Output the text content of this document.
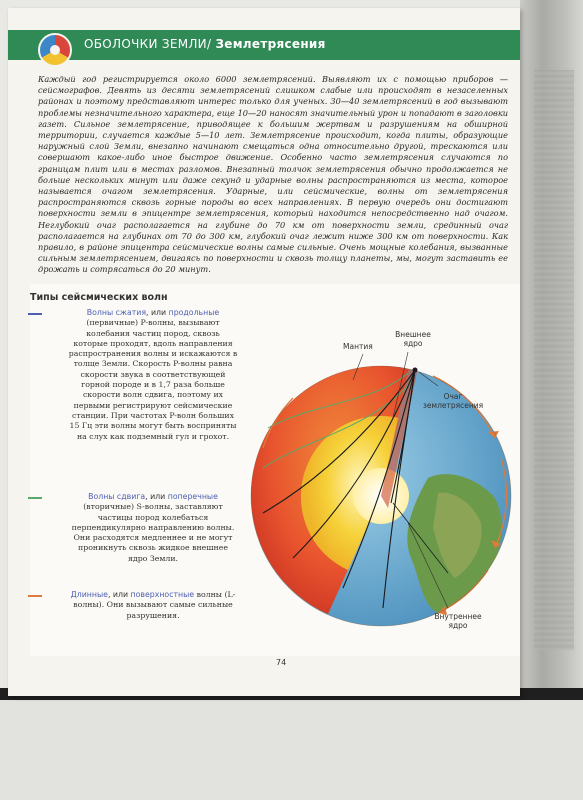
ОБОЛОЧКИ ЗЕМЛИ/ Землетрясения
Каждый год регистрируется около 6000 землетрясений. Выявляют их с помощью приборов — сейсмографов. Девять из десяти землетрясений слишком слабые или происходят в незаселенных районах и поэтому представляют интерес только для ученых. 30—40 землетрясений в год вызывают проблемы незначительного характера, еще 10—20 наносят значительный урон и попадают в заголовки газет. Сильное землетрясение, приводящее к большим жертвам и разрушениям на обширной территории, случается каждые 5—10 лет. Землетрясение происходит, когда плиты, образующие наружный слой Земли, внезапно начинают смещаться одна относительно другой, трескаются или совершают какое-либо иное быстрое движение. Особенно часто землетрясения случаются по границам плит или в местах разломов. Внезапный толчок землетрясения обычно продолжается не больше нескольких минут или даже секунд и ударные волны распространяются из места, которое называется очагом землетрясения. Ударные, или сейсмические, волны от землетрясения распространяются сквозь горные породы во всех направлениях. В первую очередь они достигают поверхности земли в эпицентре землетрясения, который находится непосредственно над очагом. Неглубокий очаг располагается на глубине до 70 км от поверхности земли, срединный очаг располагается на глубинах от 70 до 300 км, глубокий очаг лежит ниже 300 км от поверхности. Как правило, в районе эпицентра сейсмические волны самые сильные. Очень мощные колебания, вызванные сильным землетрясением, двигаясь по поверхности и сквозь толщу планеты, мы, могут заставить ее дрожать и сотрясаться до 20 минут.
Типы сейсмических волн
Волны сжатия, или продольные (первичные) P-волны, вызывают колебания частиц пород, сквозь которые проходят, вдоль направления распространения волны и искажаются в толще Земли. Скорость P-волны равна скорости звука в соответствующей горной породе и в 1,7 раза больше скорости волн сдвига, поэтому их первыми регистрируют сейсмические станции. При частотах P-волн больших 15 Гц эти волны могут быть восприняты на слух как подземный гул и грохот.
Волны сдвига, или поперечные (вторичные) S-волны, заставляют частицы пород колебаться перпендикулярно направлению волны. Они расходятся медленнее и не могут проникнуть сквозь жидкое внешнее ядро Земли.
Длинные, или поверхностные волны (L-волны). Они вызывают самые сильные разрушения.
Мантия
Внешнее ядро
Очаг землетрясения
Внутреннее ядро
74
